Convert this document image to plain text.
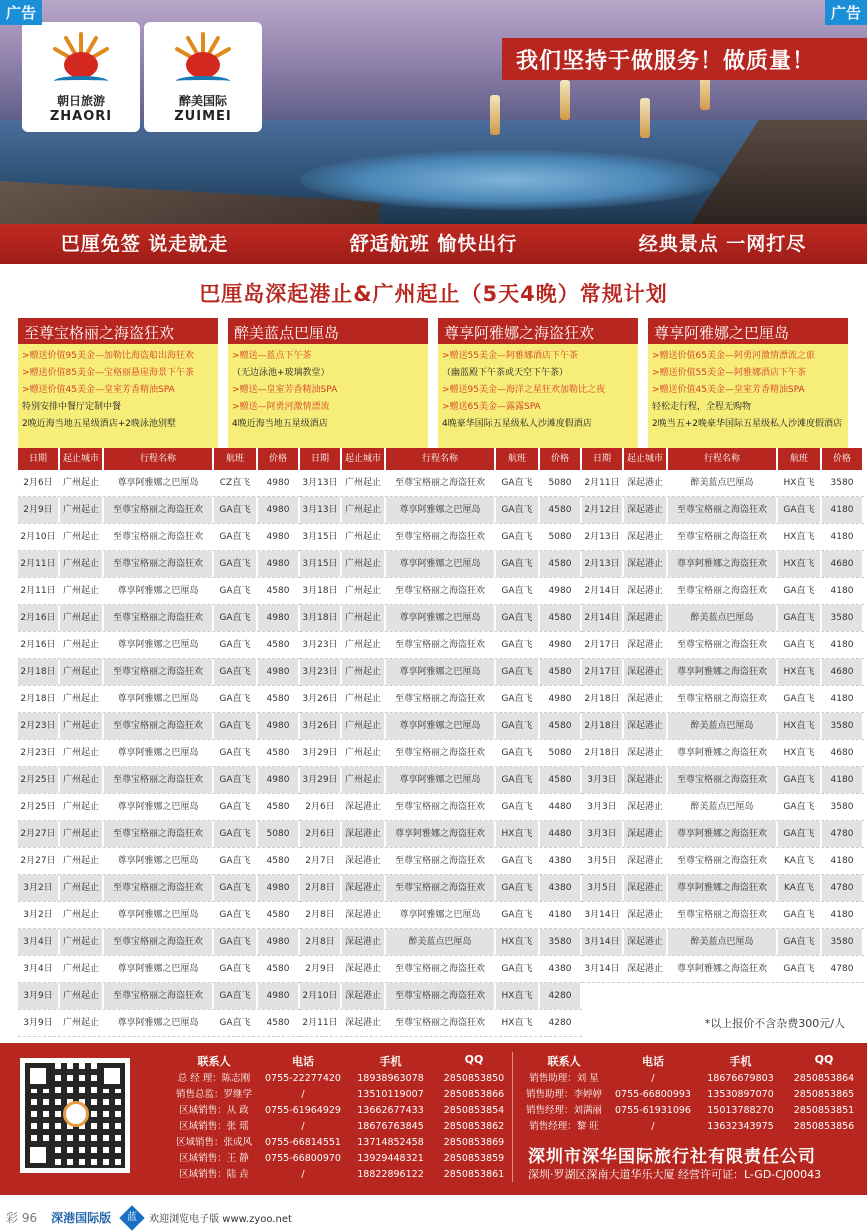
广告	广告
朝日旅游
ZHAORI
醉美国际
ZUIMEI
我们坚持于做服务！做质量！
巴厘免签 说走就走	舒适航班 愉快出行	经典景点 一网打尽
巴厘岛深起港止&广州起止（5天4晚）常规计划
至尊宝格丽之海盗狂欢
>赠送价值95美金—加勒比海盗船出海狂欢
>赠送价值85美金—宝格丽悬崖海景下午茶
>赠送价值45美金—皇室芳香精油SPA
特别安排中餐厅定制中餐
2晚近海当地五星级酒店+2晚泳池别墅
醉美蓝点巴厘岛
>赠送—蓝点下午茶
（无边泳池+玻璃教堂）
>赠送—皇室芳香精油SPA
>赠送—阿勇河激情漂流
4晚近海当地五星级酒店
尊享阿雅娜之海盗狂欢
>赠送55美金—阿雅娜酒店下午茶
（幽蓝殿下午茶或天空下午茶）
>赠送95美金—海洋之星狂欢加勒比之夜
>赠送65美金—露露SPA
4晚豪华国际五星级私人沙滩度假酒店
尊享阿雅娜之巴厘岛
>赠送价值65美金—阿勇河激情漂流之旅
>赠送价值55美金—阿雅娜酒店下午茶
>赠送价值45美金—皇室芳香精油SPA
轻松走行程，全程无购物
2晚当五+2晚豪华国际五星级私人沙滩度假酒店
日期	起止城市	行程名称	航班	价格
2月6日	广州起止	尊享阿雅娜之巴厘岛	CZ直飞	4980
2月9日	广州起止	至尊宝格丽之海盗狂欢	GA直飞	4980
2月10日 广州起止	至尊宝格丽之海盗狂欢	GA直飞	4980
2月11日 广州起止	至尊宝格丽之海盗狂欢	GA直飞	4980
2月11日 广州起止	尊享阿雅娜之巴厘岛	GA直飞	4580
2月16日 广州起止	至尊宝格丽之海盗狂欢	GA直飞	4980
2月16日 广州起止	尊享阿雅娜之巴厘岛	GA直飞	4580
2月18日 广州起止	至尊宝格丽之海盗狂欢	GA直飞	4980
2月18日 广州起止	尊享阿雅娜之巴厘岛	GA直飞	4580
2月23日 广州起止	至尊宝格丽之海盗狂欢	GA直飞	4980
2月23日 广州起止	尊享阿雅娜之巴厘岛	GA直飞	4580
2月25日 广州起止	至尊宝格丽之海盗狂欢	GA直飞	4980
2月25日 广州起止	尊享阿雅娜之巴厘岛	GA直飞	4580
2月27日 广州起止	至尊宝格丽之海盗狂欢	GA直飞	5080
2月27日 广州起止	尊享阿雅娜之巴厘岛	GA直飞	4580
3月2日	广州起止	至尊宝格丽之海盗狂欢	GA直飞	4980
3月2日	广州起止	尊享阿雅娜之巴厘岛	GA直飞	4580
3月4日	广州起止	至尊宝格丽之海盗狂欢	GA直飞	4980
3月4日	广州起止	尊享阿雅娜之巴厘岛	GA直飞	4580
3月9日	广州起止	至尊宝格丽之海盗狂欢	GA直飞	4980
3月9日	广州起止	尊享阿雅娜之巴厘岛	GA直飞	4580
日期	起止城市	行程名称	航班	价格
3月13日 广州起止	至尊宝格丽之海盗狂欢	GA直飞	5080
3月13日 广州起止	尊享阿雅娜之巴厘岛	GA直飞	4580
3月15日 广州起止	至尊宝格丽之海盗狂欢	GA直飞	5080
3月15日 广州起止	尊享阿雅娜之巴厘岛	GA直飞	4580
3月18日 广州起止	至尊宝格丽之海盗狂欢	GA直飞	4980
3月18日 广州起止	尊享阿雅娜之巴厘岛	GA直飞	4580
3月23日 广州起止	至尊宝格丽之海盗狂欢	GA直飞	4980
3月23日 广州起止	尊享阿雅娜之巴厘岛	GA直飞	4580
3月26日 广州起止	至尊宝格丽之海盗狂欢	GA直飞	4980
3月26日 广州起止	尊享阿雅娜之巴厘岛	GA直飞	4580
3月29日 广州起止	至尊宝格丽之海盗狂欢	GA直飞	5080
3月29日 广州起止	尊享阿雅娜之巴厘岛	GA直飞	4580
2月6日	深起港止	至尊宝格丽之海盗狂欢	GA直飞	4480
2月6日	深起港止	尊享阿雅娜之海盗狂欢	HX直飞	4480
2月7日	深起港止	至尊宝格丽之海盗狂欢	GA直飞	4380
2月8日	深起港止	至尊宝格丽之海盗狂欢	GA直飞	4380
2月8日	深起港止	尊享阿雅娜之巴厘岛	GA直飞	4180
2月8日	深起港止	醉美蓝点巴厘岛	HX直飞	3580
2月9日	深起港止	至尊宝格丽之海盗狂欢	GA直飞	4380
2月10日 深起港止	至尊宝格丽之海盗狂欢	HX直飞	4280
2月11日 深起港止	至尊宝格丽之海盗狂欢	HX直飞	4280
日期	起止城市	行程名称	航班	价格
2月11日 深起港止	醉美蓝点巴厘岛	HX直飞	3580
2月12日 深起港止	至尊宝格丽之海盗狂欢	GA直飞	4180
2月13日 深起港止	至尊宝格丽之海盗狂欢	HX直飞	4180
2月13日 深起港止	尊享阿雅娜之海盗狂欢	HX直飞	4680
2月14日 深起港止	至尊宝格丽之海盗狂欢	GA直飞	4180
2月14日 深起港止	醉美蓝点巴厘岛	GA直飞	3580
2月17日 深起港止	至尊宝格丽之海盗狂欢	GA直飞	4180
2月17日 深起港止	尊享阿雅娜之海盗狂欢	HX直飞	4680
2月18日 深起港止	至尊宝格丽之海盗狂欢	GA直飞	4180
2月18日 深起港止	醉美蓝点巴厘岛	HX直飞	3580
2月18日 深起港止	尊享阿雅娜之海盗狂欢	HX直飞	4680
3月3日	深起港止	至尊宝格丽之海盗狂欢	GA直飞	4180
3月3日	深起港止	醉美蓝点巴厘岛	GA直飞	3580
3月3日	深起港止	尊享阿雅娜之海盗狂欢	GA直飞	4780
3月5日	深起港止	至尊宝格丽之海盗狂欢	KA直飞	4180
3月5日	深起港止	尊享阿雅娜之海盗狂欢	KA直飞	4780
3月14日 深起港止	至尊宝格丽之海盗狂欢	GA直飞	4180
3月14日 深起港止	醉美蓝点巴厘岛	GA直飞	3580
3月14日 深起港止	尊享阿雅娜之海盗狂欢	GA直飞	4780
*以上报价不含杂费300元/人
联系人	电话	手机	QQ
总 经 理：陈志刚	0755-22277420	18938963078	2850853850
销售总监：罗继学	/	13510119007	2850853866
区域销售：从 政	0755-61964929	13662677433	2850853854
区域销售：张 瑶	/	18676763845	2850853862
区域销售：张成风	0755-66814551	13714852458	2850853869
区域销售：王 静	0755-66800970	13929448321	2850853859
区域销售：陆 垚	/	18822896122	2850853861
联系人	电话	手机	QQ
销售助理：刘 星	/	18676679803	2850853864
销售助理：李婷婷	0755-66800993	13530897070	2850853865
销售经理：刘满丽	0755-61931096	15013788270	2850853851
销售经理：黎 旺	/	13632343975	2850853856
深圳市深华国际旅行社有限责任公司
深圳·罗湖区深南大道华乐大厦 经营许可证：L-GD-CJ00043
彩 96 深港国际版	蓝	欢迎浏览电子版 www.zyoo.net
